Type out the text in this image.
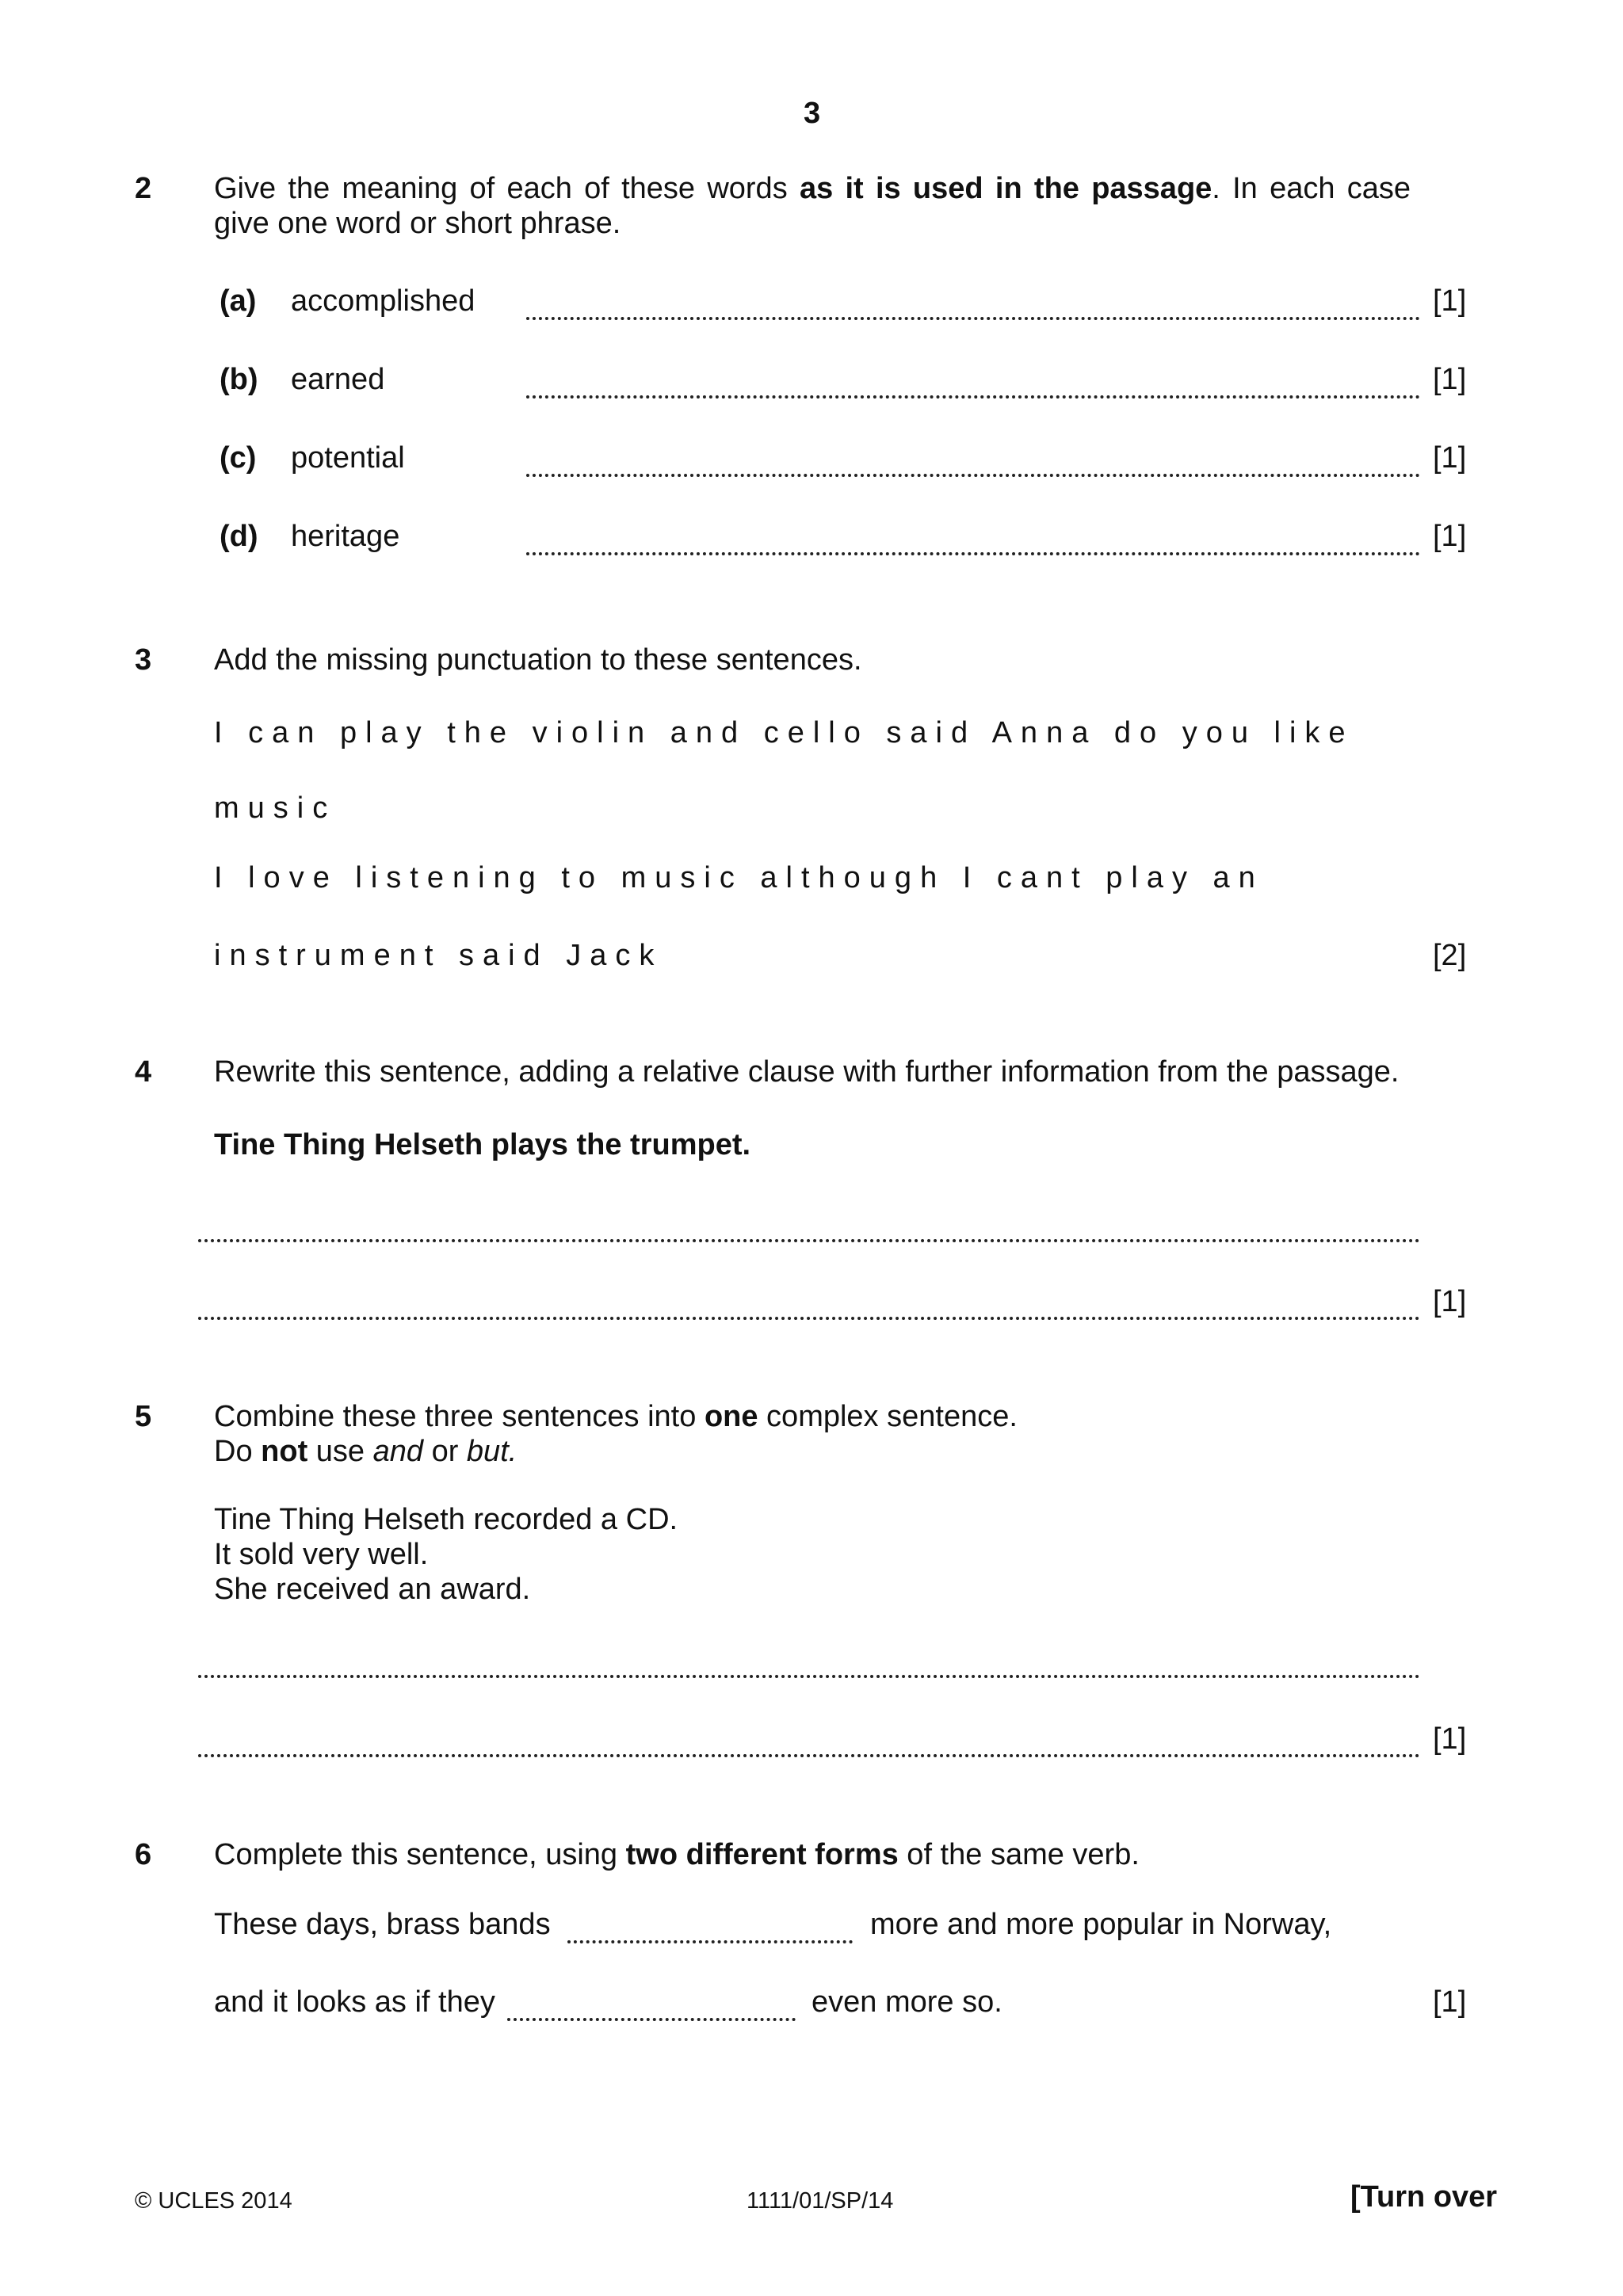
3
2 Give the meaning of each of these words as it is used in the passage. In each case
give one word or short phrase.
(a) accomplished	[1]
(b) earned	[1]
(c) potential	[1]
(d) heritage	[1]
3 Add the missing punctuation to these sentences.
I can play the violin and cello said Anna do you like
music
I love listening to music although I cant play an
instrument said Jack	[2]
4 Rewrite this sentence, adding a relative clause with further information from the passage.
Tine Thing Helseth plays the trumpet.
[1]
5 Combine these three sentences into one complex sentence.
Do not use and or but.
Tine Thing Helseth recorded a CD.
It sold very well.
She received an award.
[1]
6 Complete this sentence, using two different forms of the same verb.
These days, brass bands	more and more popular in Norway,
and it looks as if they	even more so.	[1]
© UCLES 2014	1111/01/SP/14	[Turn over
